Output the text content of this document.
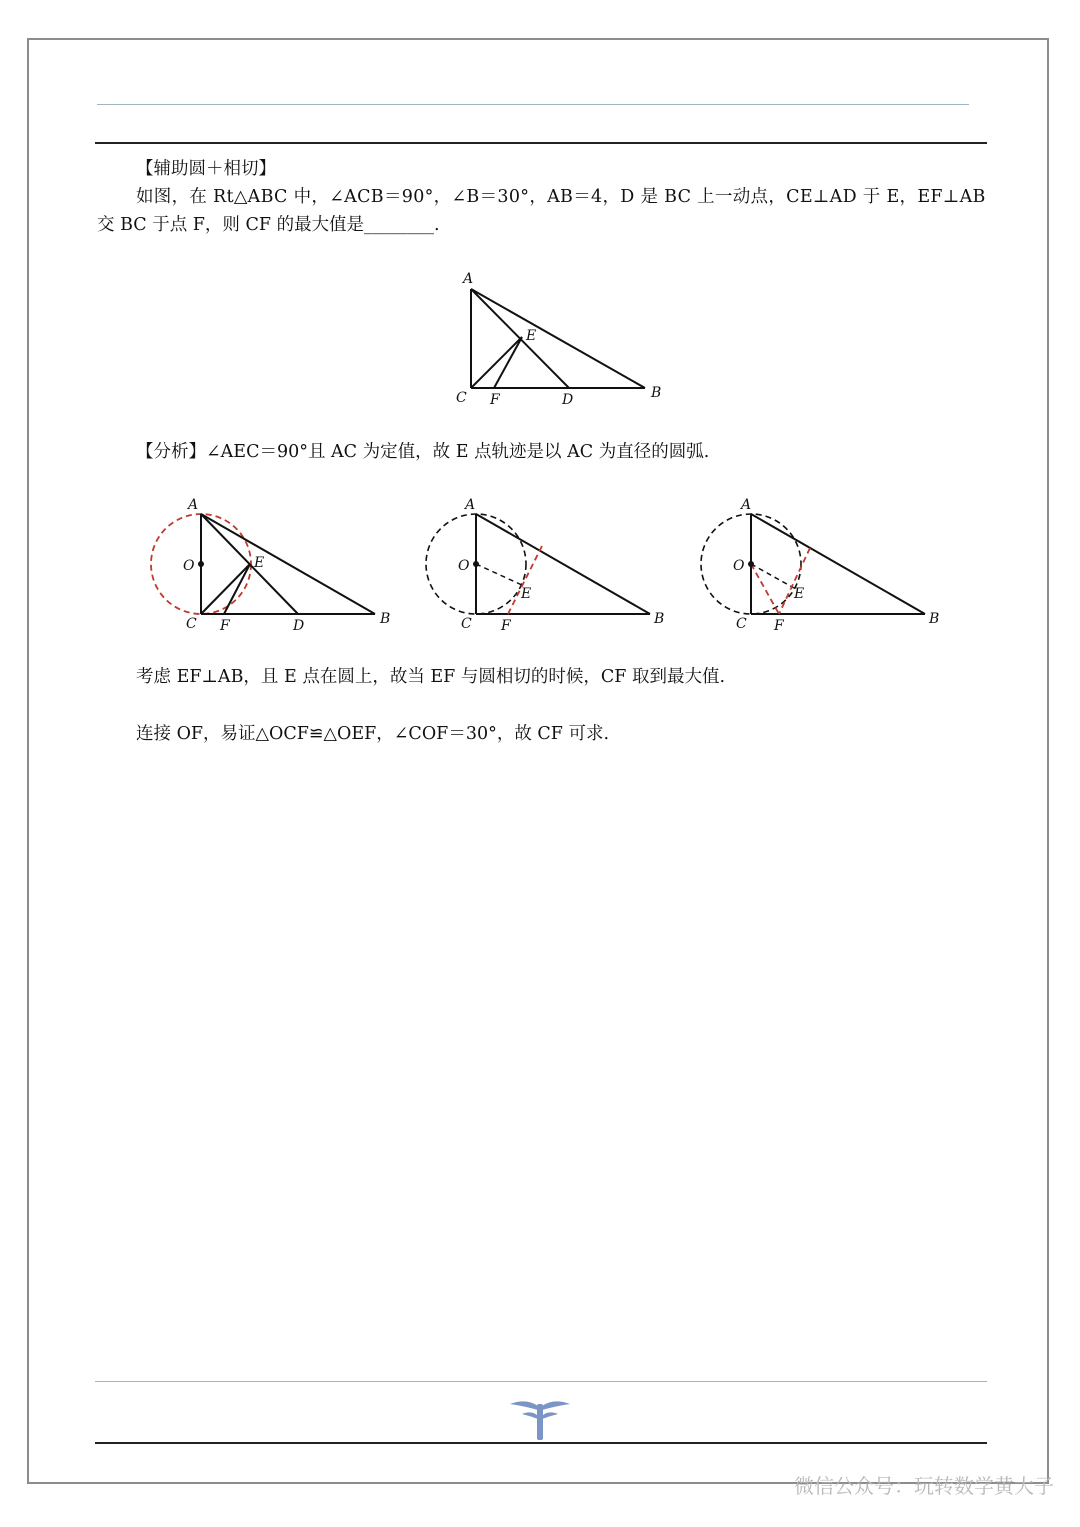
【辅助圆＋相切】
如图，在 Rt△ABC 中，∠ACB＝90°，∠B＝30°，AB＝4，D 是 BC 上一动点，CE⊥AD 于 E，EF⊥AB
交 BC 于点 F，则 CF 的最大值是________.
A
E
C F	D	B
【分析】∠AEC＝90°且 AC 为定值，故 E 点轨迹是以 AC 为直径的圆弧.
A
O	E
C F	D	B
A
O
E
C F	B
A
O
E
C F	B
考虑 EF⊥AB，且 E 点在圆上，故当 EF 与圆相切的时候，CF 取到最大值.
连接 OF，易证△OCF≌△OEF，∠COF＝30°，故 CF 可求.
微信公众号：玩转数学黄大子
